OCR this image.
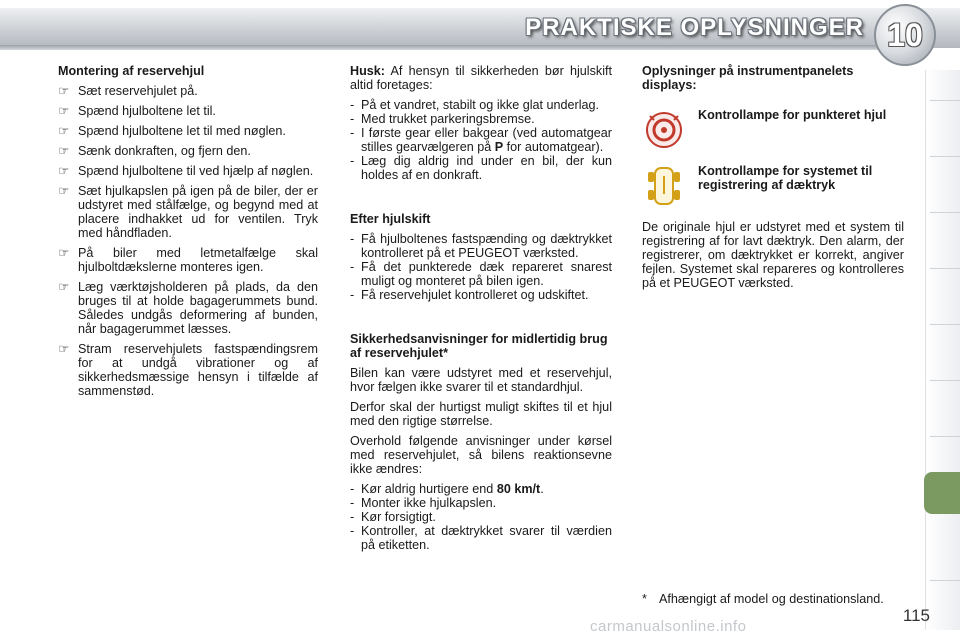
PRAKTISKE OPLYSNINGER 10
Montering af reservehjul
☞ Sæt reservehjulet på.
☞ Spænd hjulboltene let til.
☞ Spænd hjulboltene let til med nøglen.
☞ Sænk donkraften, og fjern den.
☞ Spænd hjulboltene til ved hjælp af nøglen.
☞ Sæt hjulkapslen på igen på de biler, der er udstyret med stålfælge, og begynd med at placere indhakket ud for ventilen. Tryk med håndfladen.
☞ På biler med letmetalfælge skal hjulboltdækslerne monteres igen.
☞ Læg værktøjsholderen på plads, da den bruges til at holde bagagerummets bund. Således undgås deformering af bunden, når bagagerummet læsses.
☞ Stram reservehjulets fastspændingsrem for at undgå vibrationer og af sikkerhedsmæssige hensyn i tilfælde af sammenstød.
Husk: Af hensyn til sikkerheden bør hjulskift altid foretages:
- På et vandret, stabilt og ikke glat underlag.
- Med trukket parkeringsbremse.
- I første gear eller bakgear (ved automatgear stilles gearvælgeren på P for automatgear).
- Læg dig aldrig ind under en bil, der kun holdes af en donkraft.
Efter hjulskift
- Få hjulboltenes fastspænding og dæktrykket kontrolleret på et PEUGEOT værksted.
- Få det punkterede dæk repareret snarest muligt og monteret på bilen igen.
- Få reservehjulet kontrolleret og udskiftet.
Sikkerhedsanvisninger for midlertidig brug af reservehjulet*
Bilen kan være udstyret med et reservehjul, hvor fælgen ikke svarer til et standardhjul.
Derfor skal der hurtigst muligt skiftes til et hjul med den rigtige størrelse.
Overhold følgende anvisninger under kørsel med reservehjulet, så bilens reaktionsevne ikke ændres:
- Kør aldrig hurtigere end 80 km/t.
- Monter ikke hjulkapslen.
- Kør forsigtigt.
- Kontroller, at dæktrykket svarer til værdien på etiketten.
Oplysninger på instrumentpanelets displays:
Kontrollampe for punkteret hjul
Kontrollampe for systemet til registrering af dæktryk
De originale hjul er udstyret med et system til registrering af for lavt dæktryk. Den alarm, der registrerer, om dæktrykket er korrekt, angiver fejlen. Systemet skal repareres og kontrolleres på et PEUGEOT værksted.
* Afhængigt af model og destinationsland.
carmanualsonline.info
115
